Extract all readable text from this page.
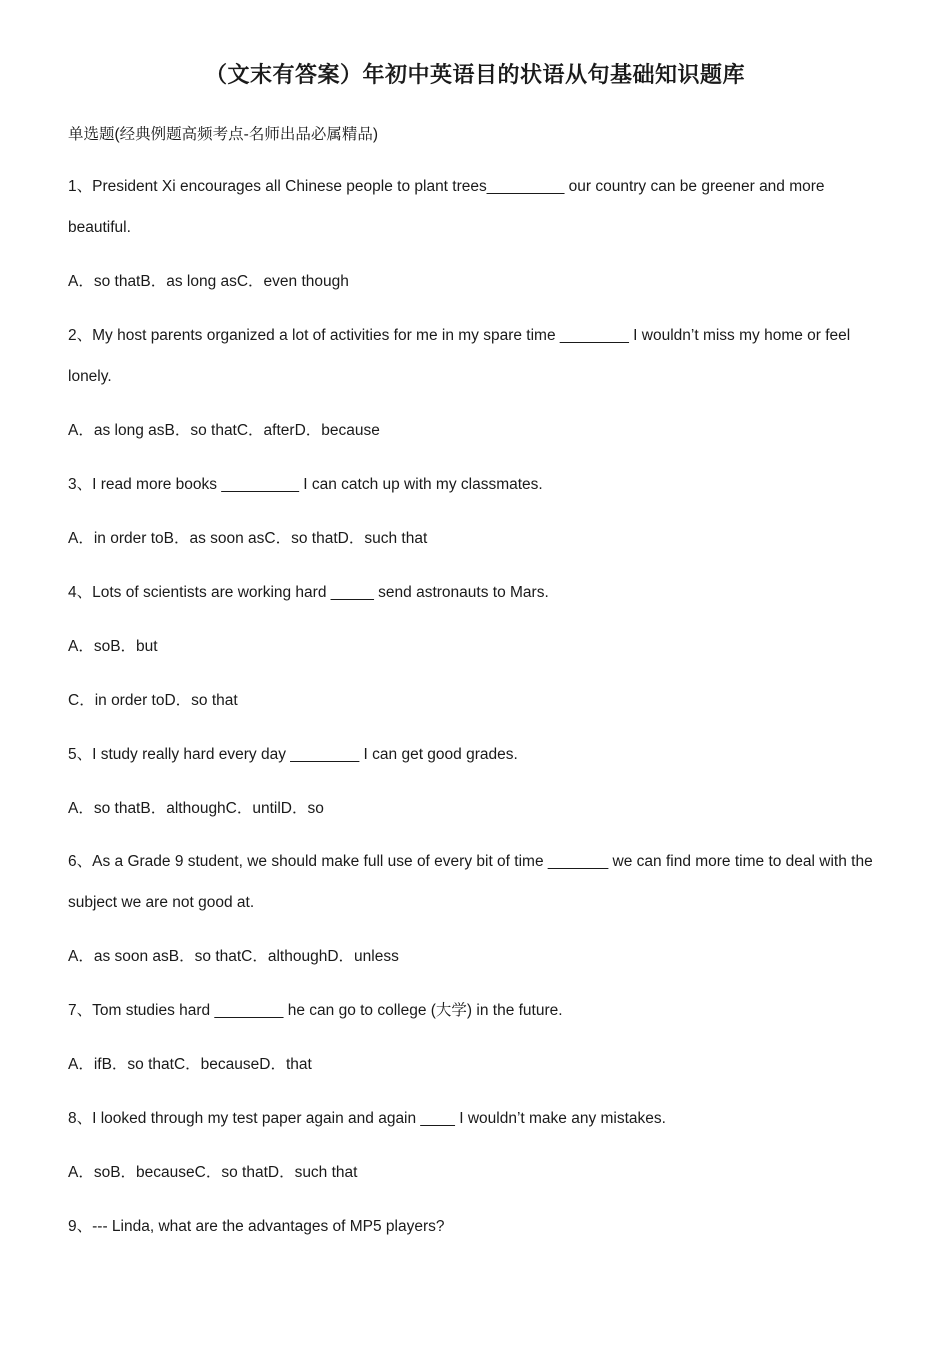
（文末有答案）年初中英语目的状语从句基础知识题库
单选题(经典例题高频考点-名师出品必属精品)
1、President Xi encourages all Chinese people to plant trees_________ our country can be greener and more
beautiful.
A．so thatB．as long asC．even though
2、My host parents organized a lot of activities for me in my spare time ________ I wouldn’t miss my home or feel
lonely.
A．as long asB．so thatC．afterD．because
3、I read more books _________ I can catch up with my classmates.
A．in order toB．as soon asC．so thatD．such that
4、Lots of scientists are working hard _____ send astronauts to Mars.
A．soB．but
C．in order toD．so that
5、I study really hard every day ________ I can get good grades.
A．so thatB．althoughC．untilD．so
6、As a Grade 9 student, we should make full use of every bit of time _______ we can find more time to deal with the
subject we are not good at.
A．as soon asB．so thatC．althoughD．unless
7、Tom studies hard ________ he can go to college (大学) in the future.
A．ifB．so thatC．becauseD．that
8、I looked through my test paper again and again ____ I wouldn’t make any mistakes.
A．soB．becauseC．so thatD．such that
9、--- Linda, what are the advantages of MP5 players?
